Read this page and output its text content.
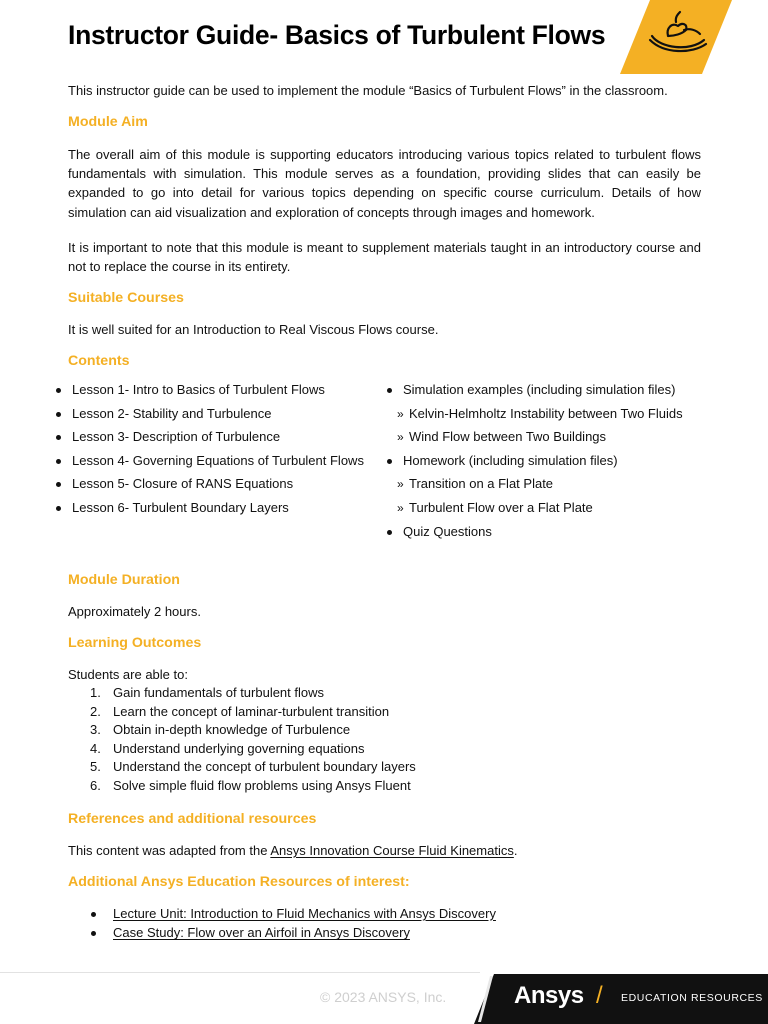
Instructor Guide- Basics of Turbulent Flows
This instructor guide can be used to implement the module “Basics of Turbulent Flows” in the classroom.
Module Aim
The overall aim of this module is supporting educators introducing various topics related to turbulent flows fundamentals with simulation. This module serves as a foundation, providing slides that can easily be expanded to go into detail for various topics depending on specific course curriculum. Details of how simulation can aid visualization and exploration of concepts through images and homework.
It is important to note that this module is meant to supplement materials taught in an introductory course and not to replace the course in its entirety.
Suitable Courses
It is well suited for an Introduction to Real Viscous Flows course.
Contents
Lesson 1- Intro to Basics of Turbulent Flows
Lesson 2- Stability and Turbulence
Lesson 3- Description of Turbulence
Lesson 4- Governing Equations of Turbulent Flows
Lesson 5- Closure of RANS Equations
Lesson 6- Turbulent Boundary Layers
Simulation examples (including simulation files)
» Kelvin-Helmholtz Instability between Two Fluids
» Wind Flow between Two Buildings
Homework (including simulation files)
» Transition on a Flat Plate
» Turbulent Flow over a Flat Plate
Quiz Questions
Module Duration
Approximately 2 hours.
Learning Outcomes
Students are able to:
1. Gain fundamentals of turbulent flows
2. Learn the concept of laminar-turbulent transition
3. Obtain in-depth knowledge of Turbulence
4. Understand underlying governing equations
5. Understand the concept of turbulent boundary layers
6. Solve simple fluid flow problems using Ansys Fluent
References and additional resources
This content was adapted from the Ansys Innovation Course Fluid Kinematics.
Additional Ansys Education Resources of interest:
Lecture Unit: Introduction to Fluid Mechanics with Ansys Discovery
Case Study: Flow over an Airfoil in Ansys Discovery
© 2023 ANSYS, Inc.	Ansys / EDUCATION RESOURCES
